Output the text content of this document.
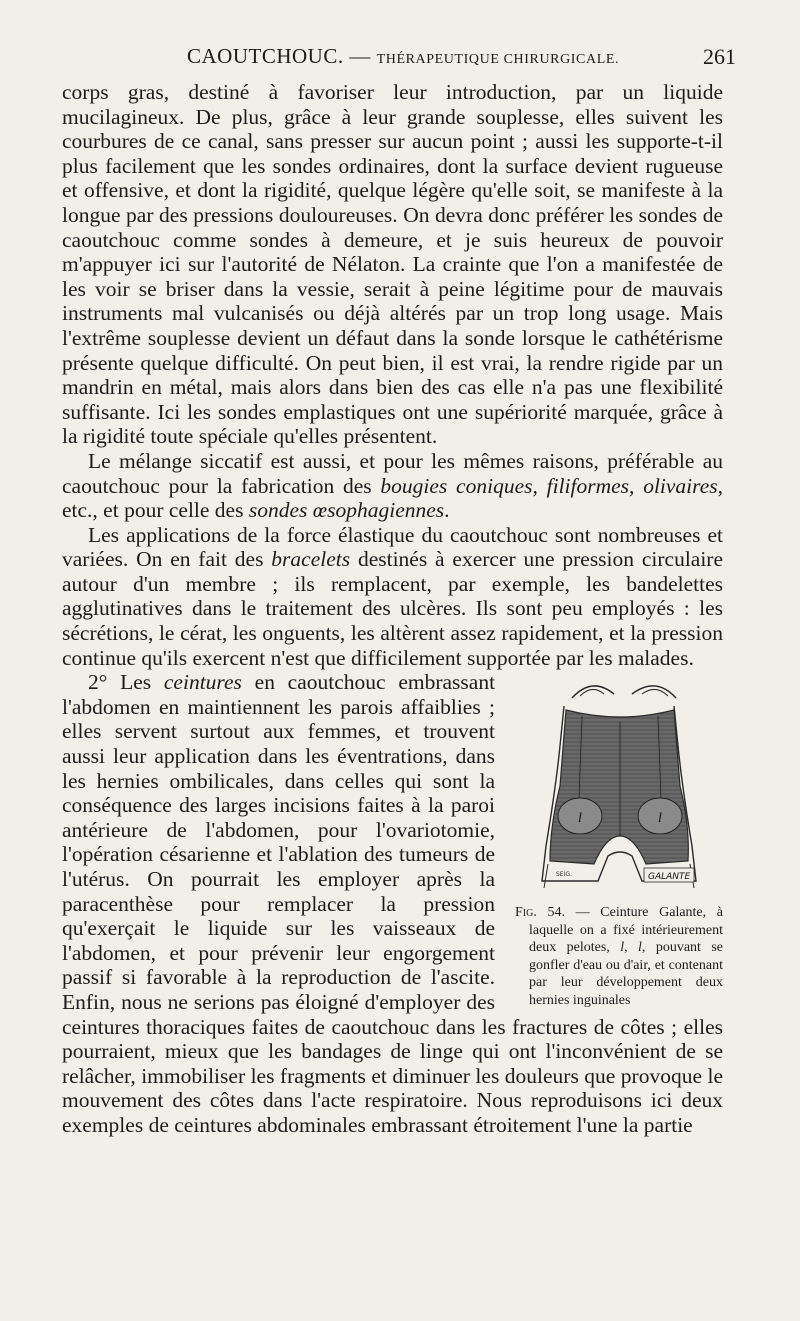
CAOUTCHOUC. — THÉRAPEUTIQUE CHIRURGICALE.	261

corps gras, destiné à favoriser leur introduction, par un liquide mucilagineux. De plus, grâce à leur grande souplesse, elles suivent les courbures de ce canal, sans presser sur aucun point ; aussi les supporte-t-il plus facilement que les sondes ordinaires, dont la surface devient rugueuse et offensive, et dont la rigidité, quelque légère qu'elle soit, se manifeste à la longue par des pressions douloureuses. On devra donc préférer les sondes de caoutchouc comme sondes à demeure, et je suis heureux de pouvoir m'appuyer ici sur l'autorité de Nélaton. La crainte que l'on a manifestée de les voir se briser dans la vessie, serait à peine légitime pour de mauvais instruments mal vulcanisés ou déjà altérés par un trop long usage. Mais l'extrême souplesse devient un défaut dans la sonde lorsque le cathétérisme présente quelque difficulté. On peut bien, il est vrai, la rendre rigide par un mandrin en métal, mais alors dans bien des cas elle n'a pas une flexibilité suffisante. Ici les sondes emplastiques ont une supériorité marquée, grâce à la rigidité toute spéciale qu'elles présentent.

Le mélange siccatif est aussi, et pour les mêmes raisons, préférable au caoutchouc pour la fabrication des bougies coniques, filiformes, olivaires, etc., et pour celle des sondes œsophagiennes.

Les applications de la force élastique du caoutchouc sont nombreuses et variées. On en fait des bracelets destinés à exercer une pression circulaire autour d'un membre ; ils remplacent, par exemple, les bandelettes agglutinatives dans le traitement des ulcères. Ils sont peu employés : les sécrétions, le cérat, les onguents, les altèrent assez rapidement, et la pression continue qu'ils exercent n'est que difficilement supportée par les malades.

2° Les ceintures
l	l
GALANTE
SEIG.
Fig. 54. — Ceinture Galante, à laquelle on a fixé intérieurement deux pelotes, l, l, pouvant se gonfler d'eau ou d'air, et contenant par leur développement deux hernies inguinales
en caoutchouc embrassant l'abdomen en maintiennent les parois affaiblies ; elles servent surtout aux femmes, et trouvent aussi leur application dans les éventrations, dans les hernies ombilicales, dans celles qui sont la conséquence des larges incisions faites à la paroi antérieure de l'abdomen, pour l'ovariotomie, l'opération césarienne et l'ablation des tumeurs de l'utérus. On pourrait les employer après la paracenthèse pour remplacer la pression qu'exerçait le liquide sur les vaisseaux de l'abdomen, et pour prévenir leur engorgement passif si favorable à la reproduction de l'ascite. Enfin, nous ne serions pas éloigné d'employer des ceintures thoraciques faites de caoutchouc dans les fractures de côtes ; elles pourraient, mieux que les bandages de linge qui ont l'inconvénient de se relâcher, immobiliser les fragments et diminuer les douleurs que provoque le mouvement des côtes dans l'acte respiratoire. Nous reproduisons ici deux exemples de ceintures abdominales embrassant étroitement l'une la partie
